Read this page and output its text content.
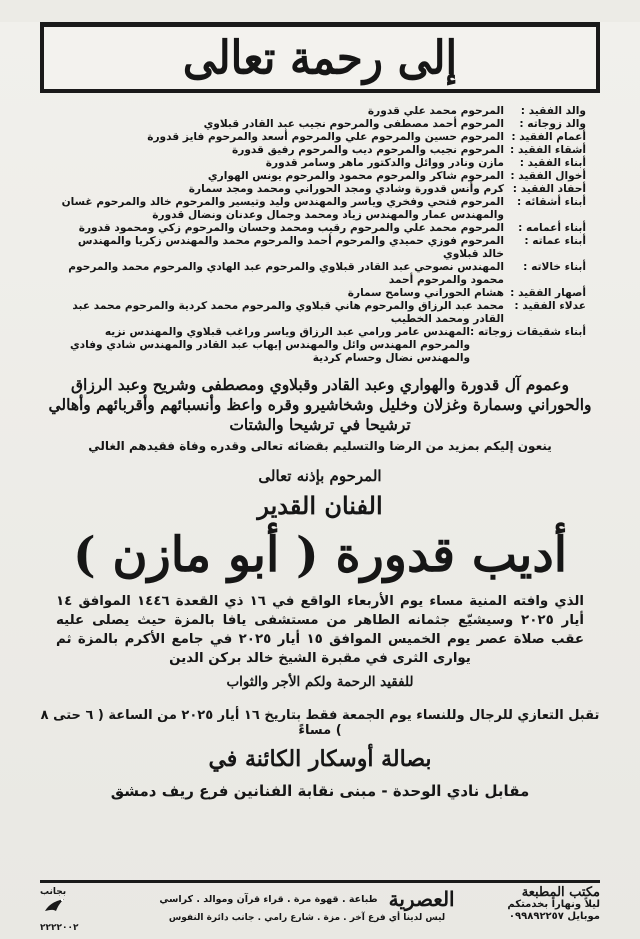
إلى رحمة تعالى
والد الفقيد :
المرحوم محمد علي قدورة
والد زوجاته :
المرحوم أحمد مصطفى والمرحوم نجيب عبد القادر قبلاوي
أعمام الفقيد :
المرحوم حسين والمرحوم علي والمرحوم أسعد والمرحوم فايز قدورة
أشقاء الفقيد :
المرحوم نجيب والمرحوم ديب والمرحوم رفيق قدورة
أبناء الفقيد :
مازن ونادر ووائل والدكتور ماهر وسامر قدورة
أخوال الفقيد :
المرحوم شاكر والمرحوم محمود والمرحوم يونس الهواري
أحفاد الفقيد :
كرم وأنس قدورة وشادي ومجد الحوراني ومحمد ومجد سمارة
أبناء أشقائه :
المرحوم فتحي وفخري وياسر والمهندس وليد وتيسير والمرحوم خالد والمرحوم غسان والمهندس عمار والمهندس زياد ومحمد وجمال وعدنان ونضال قدورة
أبناء أعمامه :
المرحوم محمد علي والمرحوم رقيب ومحمد وحسان والمرحوم زكي ومحمود قدورة
أبناء عماته :
المرحوم فوزي حميدي والمرحوم أحمد والمرحوم محمد والمهندس زكريا والمهندس خالد قبلاوي
أبناء خالاته :
المهندس نصوحي عبد القادر قبلاوي والمرحوم عبد الهادي والمرحوم محمد والمرحوم محمود والمرحوم أحمد
أصهار الفقيد :
هشام الحوراني وسامح سمارة
عدلاء الفقيد :
محمد عبد الرزاق والمرحوم هاني قبلاوي والمرحوم محمد كردية والمرحوم محمد عبد القادر ومحمد الخطيب
أبناء شقيقات زوجاته :
المهندس عامر ورامي عبد الرزاق وياسر وراغب قبلاوي والمهندس نزيه والمرحوم المهندس وائل والمهندس إيهاب عبد القادر والمهندس شادي وفادي والمهندس نضال وحسام كردية
وعموم آل قدورة والهواري وعبد القادر وقبلاوي ومصطفى وشريح وعبد الرزاق والحوراني وسمارة وغزلان وخليل وشخاشيرو وقره واعظ وأنسبائهم وأقربائهم وأهالي ترشيحا في ترشيحا والشتات
ينعون إليكم بمزيد من الرضا والتسليم بقضائه تعالى وقدره وفاة فقيدهم الغالي
المرحوم بإذنه تعالى
الفنان القدير
أديب قدورة ( أبو مازن )
الذي وافته المنية مساء يوم الأربعاء الواقع في ١٦ ذي القعدة ١٤٤٦ الموافق ١٤ أيار ٢٠٢٥ وسيشيّع جثمانه الطاهر من مستشفى يافا بالمزة حيث يصلى عليه عقب صلاة عصر يوم الخميس الموافق ١٥ أيار ٢٠٢٥ في جامع الأكرم بالمزة ثم يوارى الثرى في مقبرة الشيخ خالد بركن الدين
للفقيد الرحمة ولكم الأجر والثواب
تقبل التعازي للرجال وللنساء يوم الجمعة فقط بتاريخ ١٦ أيار ٢٠٢٥ من الساعة ( ٦ حتى ٨ ) مساءً
بصالة أوسكار الكائنة في
مقابل نادي الوحدة - مبنى نقابة الفنانين فرع ريف دمشق
مكتب المطبعة
ليلاً ونهاراً بخدمتكم
موبايل ٠٩٩٨٩٢٢٥٧
العصرية طباعة . قهوة مرة . قراء قرآن وموالد . كراسي
ليس لدينا أي فرع آخر . مزة . شارع رامي . جانب دائرة النفوس
بجانب
٢٢٢٢٠٠٢
